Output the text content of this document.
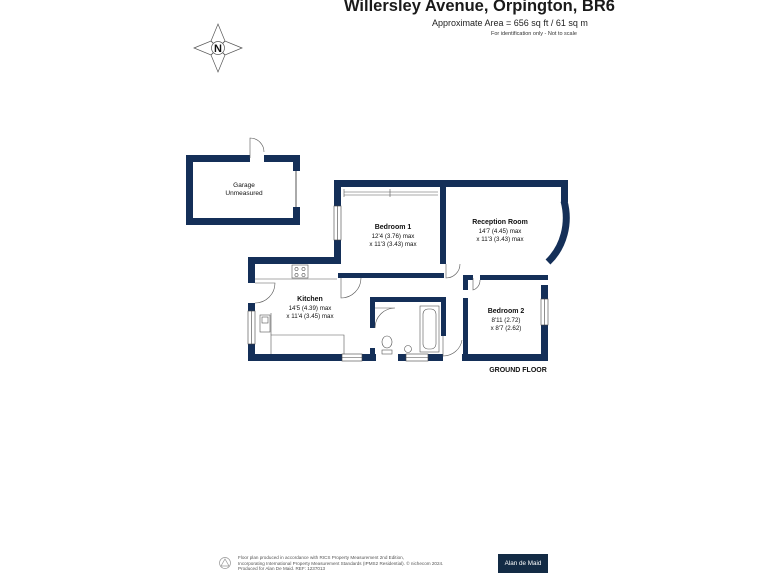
Willersley Avenue, Orpington, BR6
Approximate Area = 656 sq ft / 61 sq m
For identification only - Not to scale
N
Garage
Unmeasured
Bedroom 1
12'4 (3.76) max
x 11'3 (3.43) max
Reception Room
14'7 (4.45) max
x 11'3 (3.43) max
Kitchen
14'5 (4.39) max
x 11'4 (3.45) max
Bedroom 2
8'11 (2.72)
x 8'7 (2.62)
GROUND FLOOR
Floor plan produced in accordance with RICS Property Measurement 2nd Edition,
Incorporating International Property Measurement Standards (IPMS2 Residential). © nichecom 2024.
Produced for Alan De Maid. REF: 1237013
Alan de Maid
